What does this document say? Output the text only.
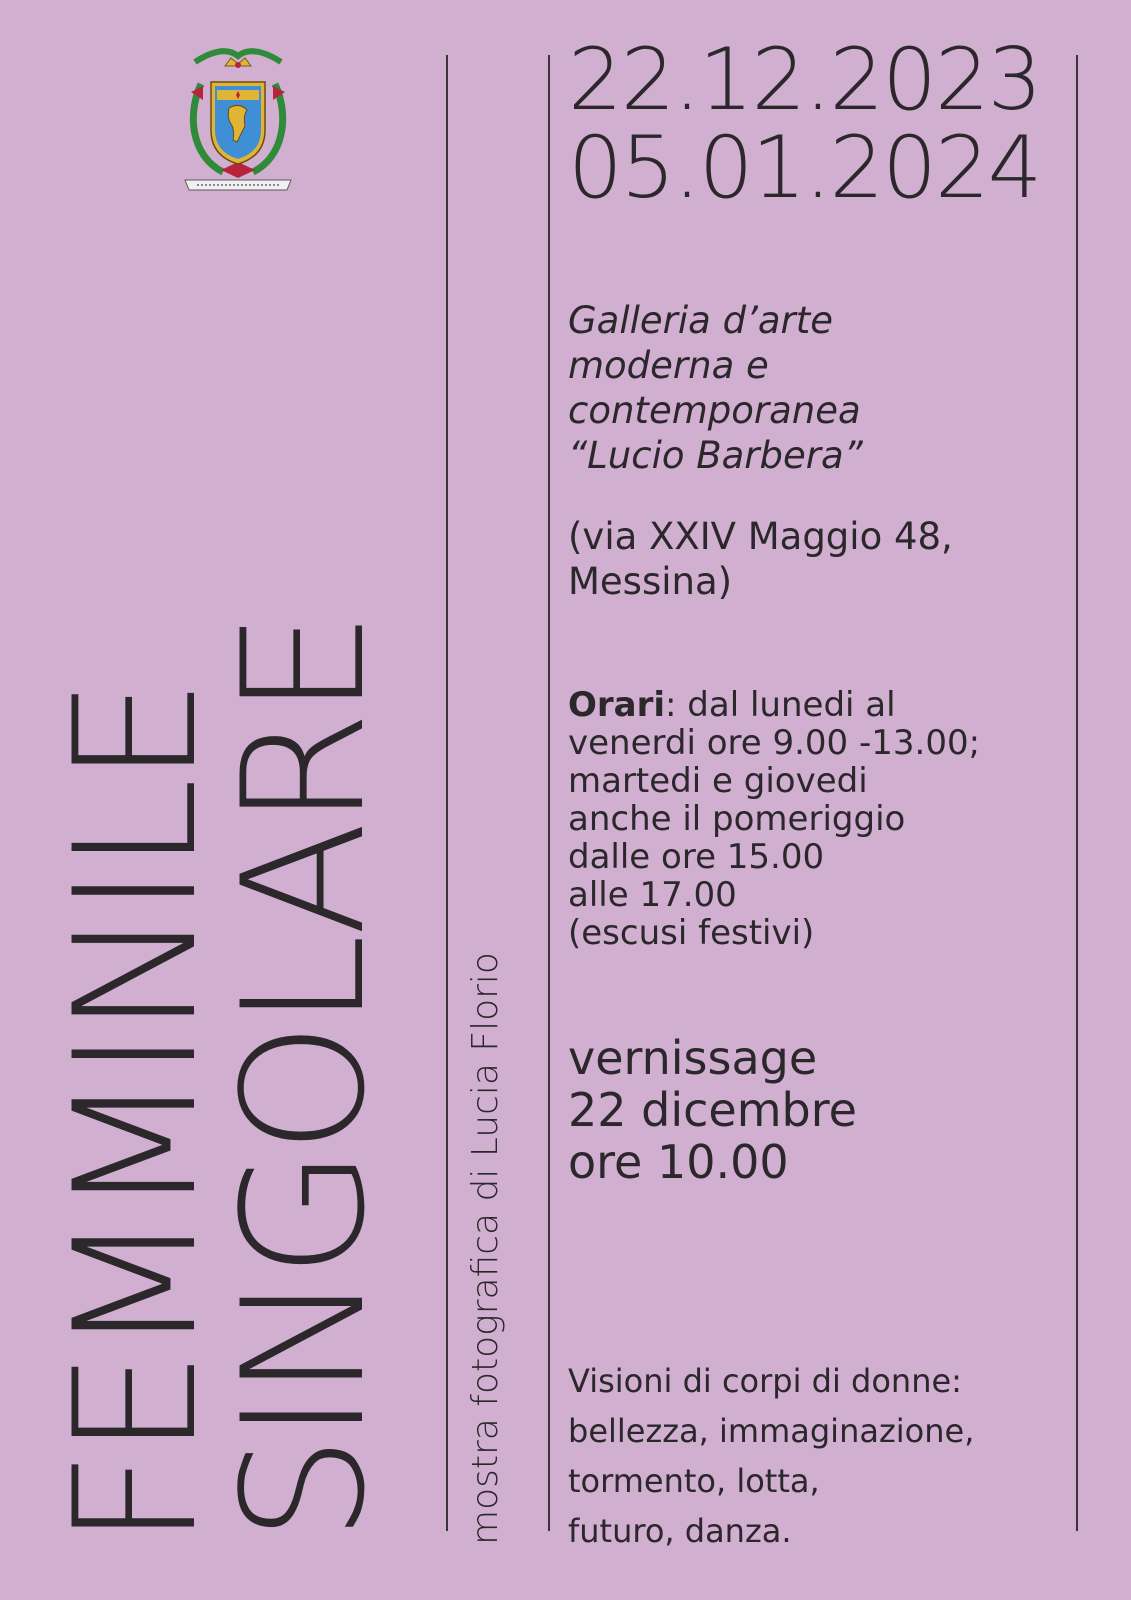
FEMMINILE
SINGOLARE mostra fotografica di Lucia Florio
22.12.2023
05.01.2024
Galleria d’arte
moderna e
contemporanea
“Lucio Barbera”
(via XXIV Maggio 48,
Messina)
Orari: dal lunedi al
venerdi ore 9.00 -13.00;
martedi e giovedi
anche il pomeriggio
dalle ore 15.00
alle 17.00
(escusi festivi)
vernissage
22 dicembre
ore 10.00
Visioni di corpi di donne:
bellezza, immaginazione,
tormento, lotta,
futuro, danza.
